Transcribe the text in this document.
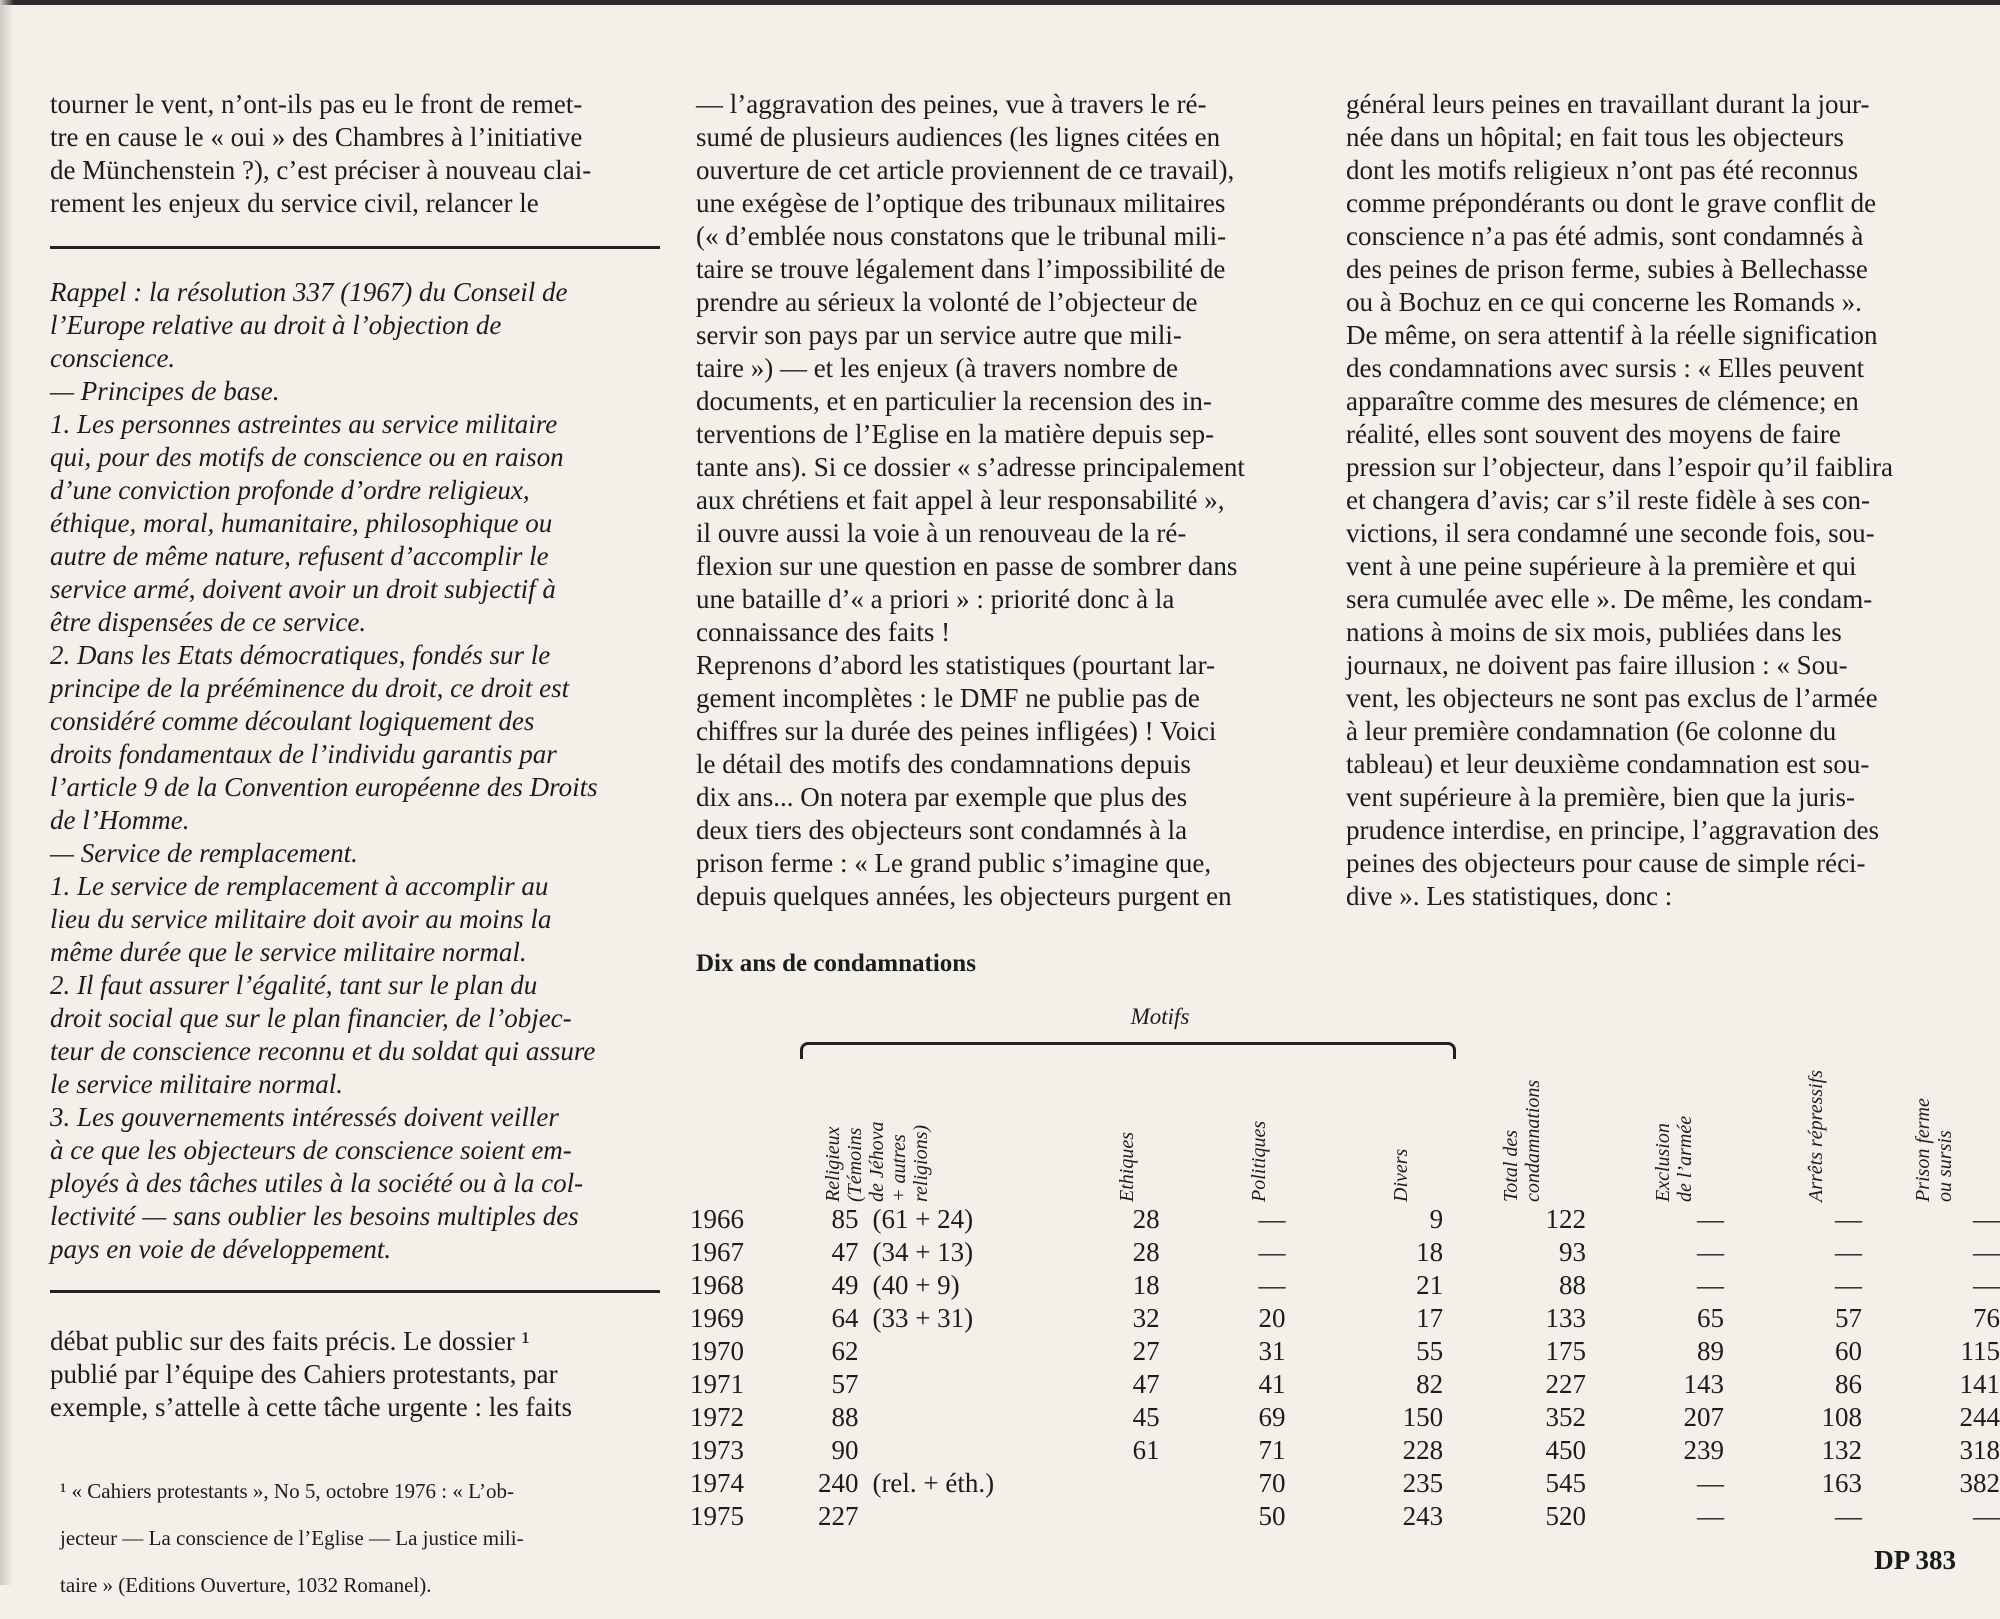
tourner le vent, n’ont-ils pas eu le front de remet-

tre en cause le « oui » des Chambres à l’initiative

de Münchenstein ?), c’est préciser à nouveau clai-

rement les enjeux du service civil, relancer le

Rappel : la résolution 337 (1967) du Conseil de

l’Europe relative au droit à l’objection de

conscience.

— Principes de base.

1. Les personnes astreintes au service militaire

qui, pour des motifs de conscience ou en raison

d’une conviction profonde d’ordre religieux,

éthique, moral, humanitaire, philosophique ou

autre de même nature, refusent d’accomplir le

service armé, doivent avoir un droit subjectif à

être dispensées de ce service.

2. Dans les Etats démocratiques, fondés sur le

principe de la prééminence du droit, ce droit est

considéré comme découlant logiquement des

droits fondamentaux de l’individu garantis par

l’article 9 de la Convention européenne des Droits

de l’Homme.

— Service de remplacement.

1. Le service de remplacement à accomplir au

lieu du service militaire doit avoir au moins la

même durée que le service militaire normal.

2. Il faut assurer l’égalité, tant sur le plan du

droit social que sur le plan financier, de l’objec-

teur de conscience reconnu et du soldat qui assure

le service militaire normal.

3. Les gouvernements intéressés doivent veiller

à ce que les objecteurs de conscience soient em-

ployés à des tâches utiles à la société ou à la col-

lectivité — sans oublier les besoins multiples des

pays en voie de développement.

débat public sur des faits précis. Le dossier ¹

publié par l’équipe des Cahiers protestants, par

exemple, s’attelle à cette tâche urgente : les faits

¹ « Cahiers protestants », No 5, octobre 1976 : « L’ob-

jecteur — La conscience de l’Eglise — La justice mili-

taire » (Editions Ouverture, 1032 Romanel).

— l’aggravation des peines, vue à travers le ré-

sumé de plusieurs audiences (les lignes citées en

ouverture de cet article proviennent de ce travail),

une exégèse de l’optique des tribunaux militaires

(« d’emblée nous constatons que le tribunal mili-

taire se trouve légalement dans l’impossibilité de

prendre au sérieux la volonté de l’objecteur de

servir son pays par un service autre que mili-

taire ») — et les enjeux (à travers nombre de

documents, et en particulier la recension des in-

terventions de l’Eglise en la matière depuis sep-

tante ans). Si ce dossier « s’adresse principalement

aux chrétiens et fait appel à leur responsabilité »,

il ouvre aussi la voie à un renouveau de la ré-

flexion sur une question en passe de sombrer dans

une bataille d’« a priori » : priorité donc à la

connaissance des faits !

Reprenons d’abord les statistiques (pourtant lar-

gement incomplètes : le DMF ne publie pas de

chiffres sur la durée des peines infligées) ! Voici

le détail des motifs des condamnations depuis

dix ans... On notera par exemple que plus des

deux tiers des objecteurs sont condamnés à la

prison ferme : « Le grand public s’imagine que,

depuis quelques années, les objecteurs purgent en

général leurs peines en travaillant durant la jour-

née dans un hôpital; en fait tous les objecteurs

dont les motifs religieux n’ont pas été reconnus

comme prépondérants ou dont le grave conflit de

conscience n’a pas été admis, sont condamnés à

des peines de prison ferme, subies à Bellechasse

ou à Bochuz en ce qui concerne les Romands ».

De même, on sera attentif à la réelle signification

des condamnations avec sursis : « Elles peuvent

apparaître comme des mesures de clémence; en

réalité, elles sont souvent des moyens de faire

pression sur l’objecteur, dans l’espoir qu’il faiblira

et changera d’avis; car s’il reste fidèle à ses con-

victions, il sera condamné une seconde fois, sou-

vent à une peine supérieure à la première et qui

sera cumulée avec elle ». De même, les condam-

nations à moins de six mois, publiées dans les

journaux, ne doivent pas faire illusion : « Sou-

vent, les objecteurs ne sont pas exclus de l’armée

à leur première condamnation (6e colonne du

tableau) et leur deuxième condamnation est sou-

vent supérieure à la première, bien que la juris-

prudence interdise, en principe, l’aggravation des

peines des objecteurs pour cause de simple réci-

dive ». Les statistiques, donc :

Dix ans de condamnations
Motifs
Religieux (Témoins de Jéhova + autres religions)	Ethiques	Politiques	Divers	Total des condamnations	Exclusion de l’armée	Arrêts répressifs	Prison ferme ou sursis
1966	85	(61 + 24)	28	—	9	122	—	—	—
1967	47	(34 + 13)	28	—	18	93	—	—	—
1968	49	(40 + 9)	18	—	21	88	—	—	—
1969	64	(33 + 31)	32	20	17	133	65	57	76
1970	62		27	31	55	175	89	60	115
1971	57		47	41	82	227	143	86	141
1972	88		45	69	150	352	207	108	244
1973	90		61	71	228	450	239	132	318
1974	240	(rel. + éth.)		70	235	545	—	163	382
1975	227			50	243	520	—	—	—
DP 383
